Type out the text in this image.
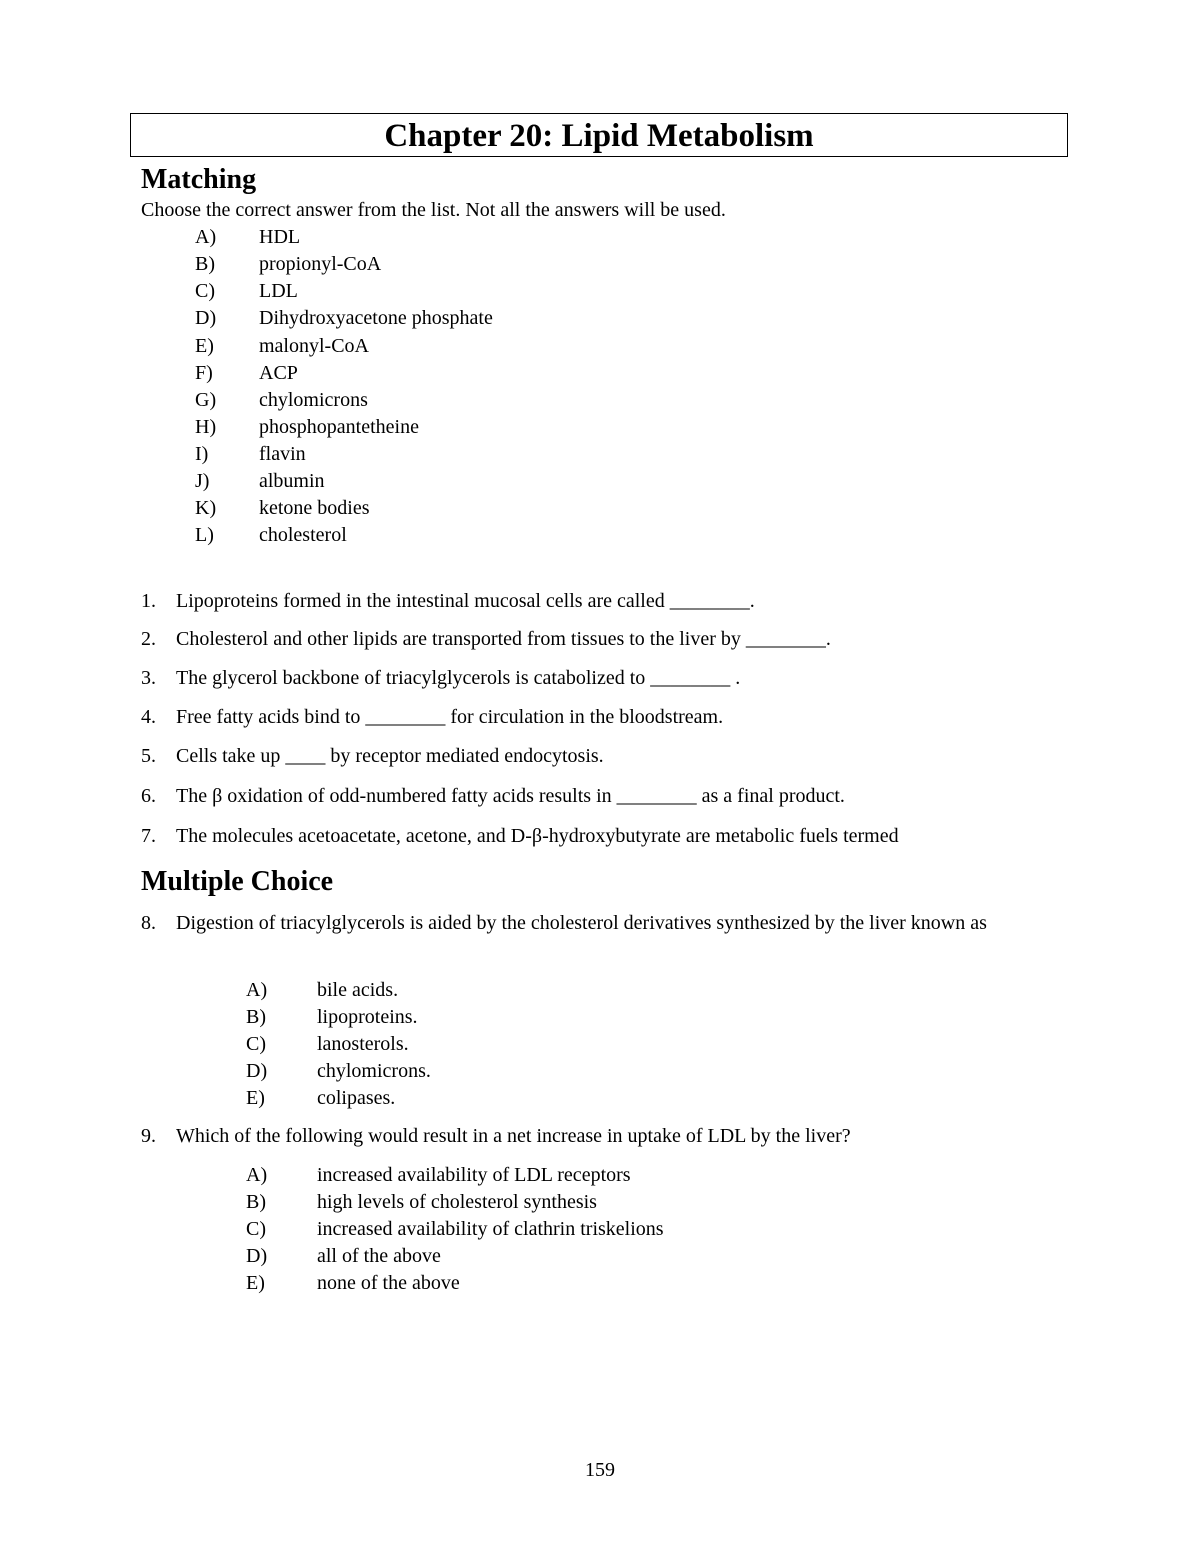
Chapter 20: Lipid Metabolism
Matching
Choose the correct answer from the list. Not all the answers will be used.
A) HDL
B) propionyl-CoA
C) LDL
D) Dihydroxyacetone phosphate
E) malonyl-CoA
F) ACP
G) chylomicrons
H) phosphopantetheine
I)	flavin
J) albumin
K) ketone bodies
L) cholesterol
1. Lipoproteins formed in the intestinal mucosal cells are called ________.
2. Cholesterol and other lipids are transported from tissues to the liver by ________.
3. The glycerol backbone of triacylglycerols is catabolized to ________ .
4. Free fatty acids bind to ________ for circulation in the bloodstream.
5. Cells take up ____ by receptor mediated endocytosis.
6. The β oxidation of odd-numbered fatty acids results in ________ as a final product.
7. The molecules acetoacetate, acetone, and D-β-hydroxybutyrate are metabolic fuels termed
Multiple Choice
8. Digestion of triacylglycerols is aided by the cholesterol derivatives synthesized by the liver known as
A) bile acids.
B)	lipoproteins.
C)	lanosterols.
D) chylomicrons.
E)	colipases.
9. Which of the following would result in a net increase in uptake of LDL by the liver?
A) increased availability of LDL receptors
B)	high levels of cholesterol synthesis
C)	increased availability of clathrin triskelions
D) all of the above
E)	none of the above
159
